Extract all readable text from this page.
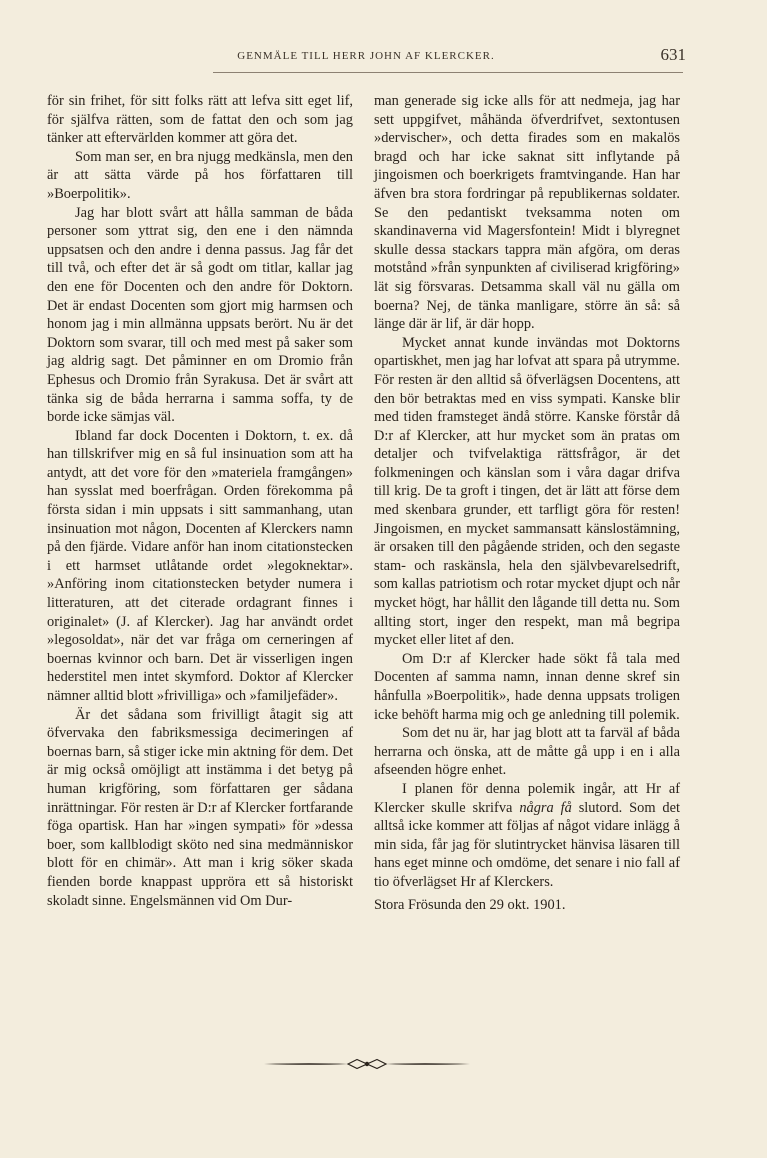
GENMÄLE TILL HERR JOHN AF KLERCKER.	631

för sin frihet, för sitt folks rätt att lefva sitt eget lif, för själfva rätten, som de fattat den och som jag tänker att eftervärlden kommer att göra det.

Som man ser, en bra njugg medkänsla, men den är att sätta värde på hos författaren till »Boerpolitik».

Jag har blott svårt att hålla samman de båda personer som yttrat sig, den ene i den nämnda uppsatsen och den andre i denna passus. Jag får det till två, och efter det är så godt om titlar, kallar jag den ene för Docenten och den andre för Doktorn. Det är endast Docenten som gjort mig harmsen och honom jag i min allmänna uppsats berört. Nu är det Doktorn som svarar, till och med mest på saker som jag aldrig sagt. Det påminner en om Dromio från Ephesus och Dromio från Syrakusa. Det är svårt att tänka sig de båda herrarna i samma soffa, ty de borde icke sämjas väl.

Ibland far dock Docenten i Doktorn, t. ex. då han tillskrifver mig en så ful insinuation som att ha antydt, att det vore för den »materiela framgången» han sysslat med boerfrågan. Orden förekomma på första sidan i min uppsats i sitt sammanhang, utan insinuation mot någon, Docenten af Klerckers namn på den fjärde. Vidare anför han inom citationstecken i ett harmset utlåtande ordet »legoknektar». »Anföring inom citationstecken betyder numera i litteraturen, att det citerade ordagrant finnes i originalet» (J. af Klercker). Jag har användt ordet »legosoldat», när det var fråga om cerneringen af boernas kvinnor och barn. Det är visserligen ingen hederstitel men intet skymford. Doktor af Klercker nämner alltid blott »frivilliga» och »familjefäder».

Är det sådana som frivilligt åtagit sig att öfvervaka den fabriksmessiga decimeringen af boernas barn, så stiger icke min aktning för dem. Det är mig också omöjligt att instämma i det betyg på human krigföring, som författaren ger sådana inrättningar. För resten är D:r af Klercker fortfarande föga opartisk. Han har »ingen sympati» för »dessa boer, som kallblodigt sköto ned sina medmänniskor blott för en chimär». Att man i krig söker skada fienden borde knappast uppröra ett så historiskt skoladt sinne. Engelsmännen vid Om Dur-

man generade sig icke alls för att nedmeja, jag har sett uppgifvet, måhända öfverdrifvet, sextontusen »dervischer», och detta firades som en makalös bragd och har icke saknat sitt inflytande på jingoismen och boerkrigets framtvingande. Han har äfven bra stora fordringar på republikernas soldater. Se den pedantiskt tveksamma noten om skandinaverna vid Magersfontein! Midt i blyregnet skulle dessa stackars tappra män afgöra, om deras motstånd »från synpunkten af civiliserad krigföring» lät sig försvaras. Detsamma skall väl nu gälla om boerna? Nej, de tänka manligare, större än så: så länge där är lif, är där hopp.

Mycket annat kunde invändas mot Doktorns opartiskhet, men jag har lofvat att spara på utrymme. För resten är den alltid så öfverlägsen Docentens, att den bör betraktas med en viss sympati. Kanske blir med tiden framsteget ändå större. Kanske förstår då D:r af Klercker, att hur mycket som än pratas om detaljer och tvifvelaktiga rättsfrågor, är det folkmeningen och känslan som i våra dagar drifva till krig. De ta groft i tingen, det är lätt att förse dem med skenbara grunder, ett tarfligt göra för resten! Jingoismen, en mycket sammansatt känslostämning, är orsaken till den pågående striden, och den segaste stam- och raskänsla, hela den självbevarelsedrift, som kallas patriotism och rotar mycket djupt och når mycket högt, har hållit den lågande till detta nu. Som allting stort, inger den respekt, man må begripa mycket eller litet af den.

Om D:r af Klercker hade sökt få tala med Docenten af samma namn, innan denne skref sin hånfulla »Boerpolitik», hade denna uppsats troligen icke behöft harma mig och ge anledning till polemik.

Som det nu är, har jag blott att ta farväl af båda herrarna och önska, att de måtte gå upp i en i alla afseenden högre enhet.

I planen för denna polemik ingår, att Hr af Klercker skulle skrifva några få slutord. Som det alltså icke kommer att följas af något vidare inlägg å min sida, får jag för slutintrycket hänvisa läsaren till hans eget minne och omdöme, det senare i nio fall af tio öfverlägset Hr af Klerckers.

Stora Frösunda den 29 okt. 1901.
